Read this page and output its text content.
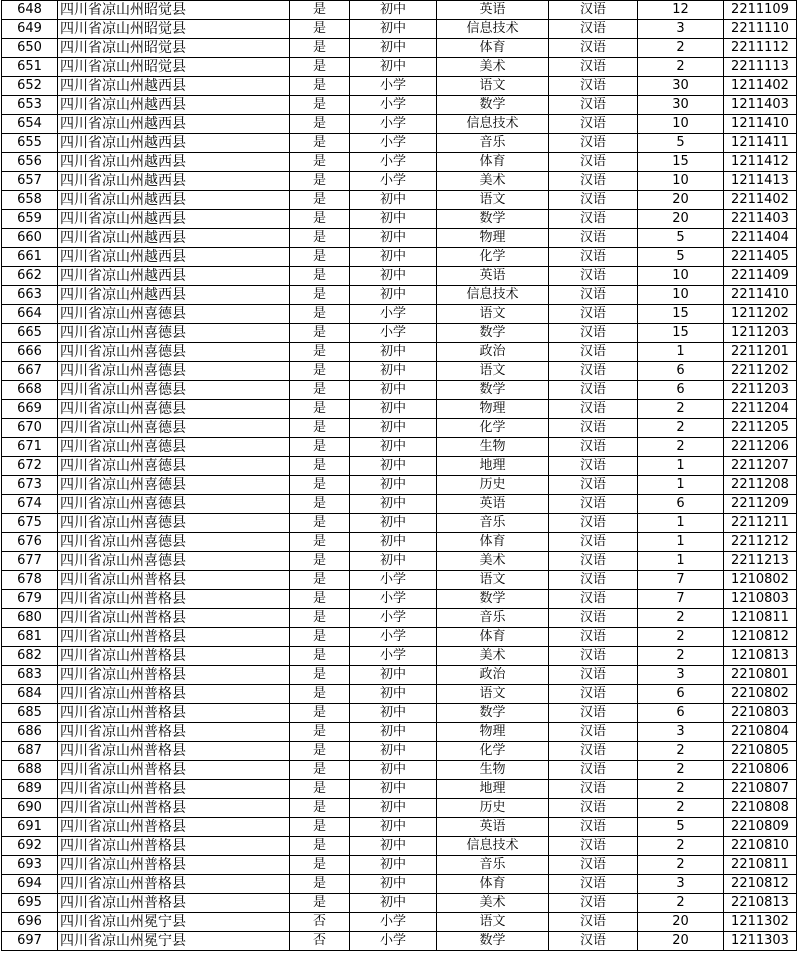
648	四川省凉山州昭觉县	是	初中	英语	汉语	12	2211109
649	四川省凉山州昭觉县	是	初中	信息技术	汉语	3	2211110
650	四川省凉山州昭觉县	是	初中	体育	汉语	2	2211112
651	四川省凉山州昭觉县	是	初中	美术	汉语	2	2211113
652	四川省凉山州越西县	是	小学	语文	汉语	30	1211402
653	四川省凉山州越西县	是	小学	数学	汉语	30	1211403
654	四川省凉山州越西县	是	小学	信息技术	汉语	10	1211410
655	四川省凉山州越西县	是	小学	音乐	汉语	5	1211411
656	四川省凉山州越西县	是	小学	体育	汉语	15	1211412
657	四川省凉山州越西县	是	小学	美术	汉语	10	1211413
658	四川省凉山州越西县	是	初中	语文	汉语	20	2211402
659	四川省凉山州越西县	是	初中	数学	汉语	20	2211403
660	四川省凉山州越西县	是	初中	物理	汉语	5	2211404
661	四川省凉山州越西县	是	初中	化学	汉语	5	2211405
662	四川省凉山州越西县	是	初中	英语	汉语	10	2211409
663	四川省凉山州越西县	是	初中	信息技术	汉语	10	2211410
664	四川省凉山州喜德县	是	小学	语文	汉语	15	1211202
665	四川省凉山州喜德县	是	小学	数学	汉语	15	1211203
666	四川省凉山州喜德县	是	初中	政治	汉语	1	2211201
667	四川省凉山州喜德县	是	初中	语文	汉语	6	2211202
668	四川省凉山州喜德县	是	初中	数学	汉语	6	2211203
669	四川省凉山州喜德县	是	初中	物理	汉语	2	2211204
670	四川省凉山州喜德县	是	初中	化学	汉语	2	2211205
671	四川省凉山州喜德县	是	初中	生物	汉语	2	2211206
672	四川省凉山州喜德县	是	初中	地理	汉语	1	2211207
673	四川省凉山州喜德县	是	初中	历史	汉语	1	2211208
674	四川省凉山州喜德县	是	初中	英语	汉语	6	2211209
675	四川省凉山州喜德县	是	初中	音乐	汉语	1	2211211
676	四川省凉山州喜德县	是	初中	体育	汉语	1	2211212
677	四川省凉山州喜德县	是	初中	美术	汉语	1	2211213
678	四川省凉山州普格县	是	小学	语文	汉语	7	1210802
679	四川省凉山州普格县	是	小学	数学	汉语	7	1210803
680	四川省凉山州普格县	是	小学	音乐	汉语	2	1210811
681	四川省凉山州普格县	是	小学	体育	汉语	2	1210812
682	四川省凉山州普格县	是	小学	美术	汉语	2	1210813
683	四川省凉山州普格县	是	初中	政治	汉语	3	2210801
684	四川省凉山州普格县	是	初中	语文	汉语	6	2210802
685	四川省凉山州普格县	是	初中	数学	汉语	6	2210803
686	四川省凉山州普格县	是	初中	物理	汉语	3	2210804
687	四川省凉山州普格县	是	初中	化学	汉语	2	2210805
688	四川省凉山州普格县	是	初中	生物	汉语	2	2210806
689	四川省凉山州普格县	是	初中	地理	汉语	2	2210807
690	四川省凉山州普格县	是	初中	历史	汉语	2	2210808
691	四川省凉山州普格县	是	初中	英语	汉语	5	2210809
692	四川省凉山州普格县	是	初中	信息技术	汉语	2	2210810
693	四川省凉山州普格县	是	初中	音乐	汉语	2	2210811
694	四川省凉山州普格县	是	初中	体育	汉语	3	2210812
695	四川省凉山州普格县	是	初中	美术	汉语	2	2210813
696	四川省凉山州冕宁县	否	小学	语文	汉语	20	1211302
697	四川省凉山州冕宁县	否	小学	数学	汉语	20	1211303
